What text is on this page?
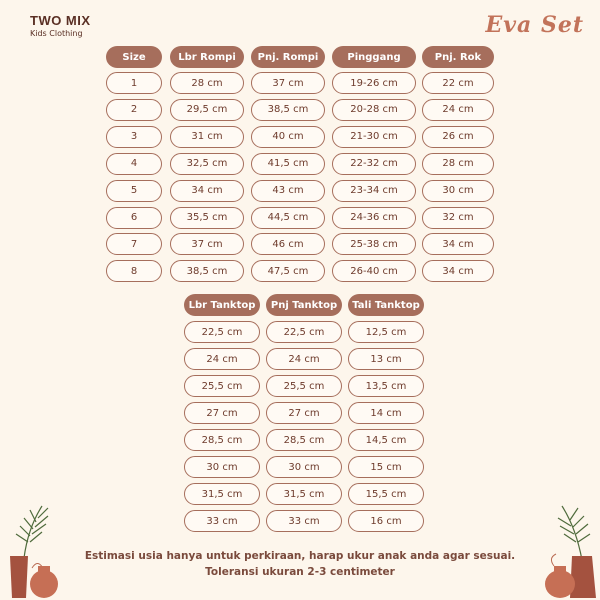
TWO MIX
Kids Clothing	Eva Set
Size	Lbr Rompi	Pnj. Rompi	Pinggang	Pnj. Rok
1	28 cm	37 cm	19-26 cm	22 cm
2	29,5 cm	38,5 cm	20-28 cm	24 cm
3	31 cm	40 cm	21-30 cm	26 cm
4	32,5 cm	41,5 cm	22-32 cm	28 cm
5	34 cm	43 cm	23-34 cm	30 cm
6	35,5 cm	44,5 cm	24-36 cm	32 cm
7	37 cm	46 cm	25-38 cm	34 cm
8	38,5 cm	47,5 cm	26-40 cm	34 cm
Lbr Tanktop	Pnj Tanktop	Tali Tanktop
22,5 cm	22,5 cm	12,5 cm
24 cm	24 cm	13 cm
25,5 cm	25,5 cm	13,5 cm
27 cm	27 cm	14 cm
28,5 cm	28,5 cm	14,5 cm
30 cm	30 cm	15 cm
31,5 cm	31,5 cm	15,5 cm
33 cm	33 cm	16 cm
Estimasi usia hanya untuk perkiraan, harap ukur anak anda agar sesuai.
Toleransi ukuran 2-3 centimeter
